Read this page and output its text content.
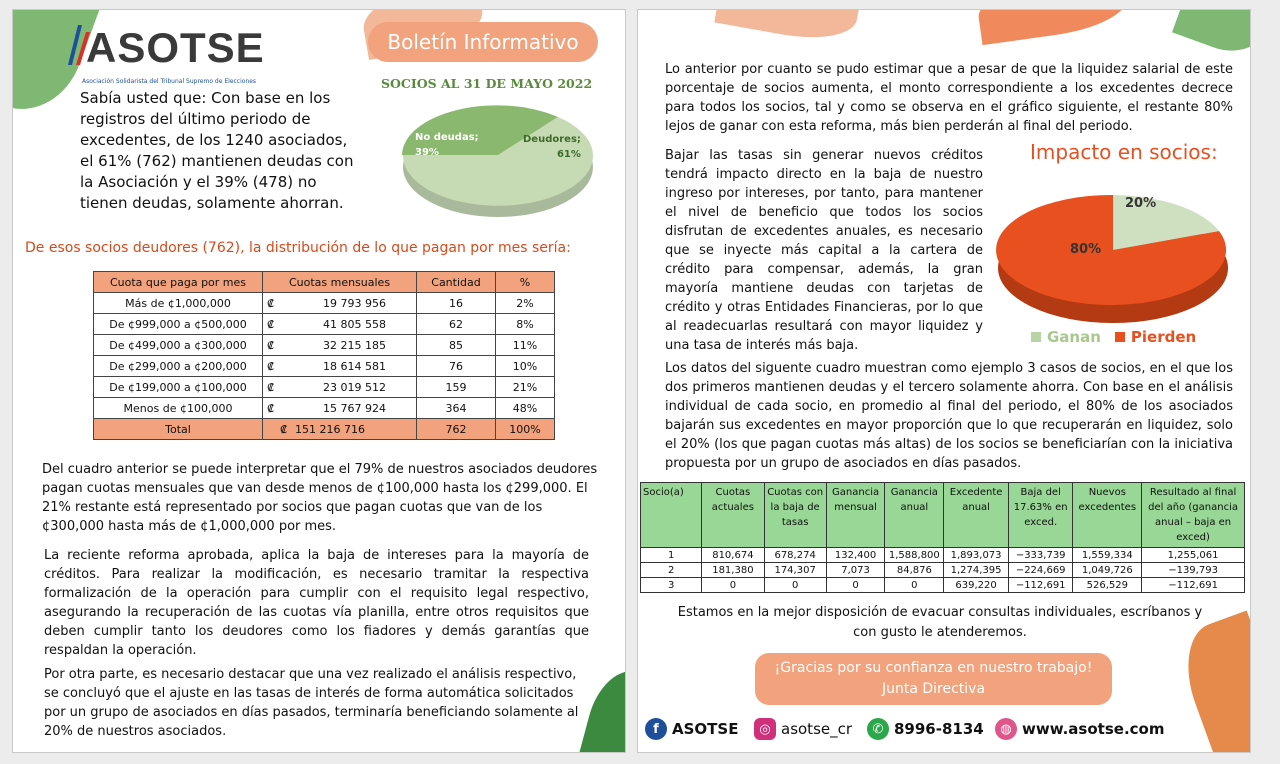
ASOTSE
Asociación Solidarista del Tribunal Supremo de Elecciones
Boletín Informativo
SOCIOS AL 31 DE MAYO 2022
No deudas;
39%
Deudores;
61%
Sabía usted que: Con base en los registros del último periodo de excedentes, de los 1240 asociados, el 61% (762) mantienen deudas con la Asociación y el 39% (478) no tienen deudas, solamente ahorran.
De esos socios deudores (762), la distribución de lo que pagan por mes sería:
Cuota que paga por mes	Cuotas mensuales		Cantidad	%
Más de ¢1,000,000	₡	19 793 956	16	2%
De ¢999,000 a ¢500,000	₡	41 805 558	62	8%
De ¢499,000 a ¢300,000	₡	32 215 185	85	11%
De ¢299,000 a ¢200,000	₡	18 614 581	76	10%
De ¢199,000 a ¢100,000	₡	23 019 512	159	21%
Menos de ¢100,000	₡	15 767 924	364	48%
Total	₡	151 216 716	762	100%
Del cuadro anterior se puede interpretar que el 79% de nuestros asociados deudores pagan cuotas mensuales que van desde menos de ¢100,000 hasta los ¢299,000. El 21% restante está representado por socios que pagan cuotas que van de los ¢300,000 hasta más de ¢1,000,000 por mes.
La reciente reforma aprobada, aplica la baja de intereses para la mayoría de créditos. Para realizar la modificación, es necesario tramitar la respectiva formalización de la operación para cumplir con el requisito legal respectivo, asegurando la recuperación de las cuotas vía planilla, entre otros requisitos que deben cumplir tanto los deudores como los fiadores y demás garantías que respaldan la operación.
Por otra parte, es necesario destacar que una vez realizado el análisis respectivo, se concluyó que el ajuste en las tasas de interés de forma automática solicitados por un grupo de asociados en días pasados, terminaría beneficiando solamente al 20% de nuestros asociados.
Lo anterior por cuanto se pudo estimar que a pesar de que la liquidez salarial de este porcentaje de socios aumenta, el monto correspondiente a los excedentes decrece para todos los socios, tal y como se observa en el gráfico siguiente, el restante 80% lejos de ganar con esta reforma, más bien perderán al final del periodo.
Bajar las tasas sin generar nuevos créditos tendrá impacto directo en la baja de nuestro ingreso por intereses, por tanto, para mantener el nivel de beneficio que todos los socios disfrutan de excedentes anuales, es necesario que se inyecte más capital a la cartera de crédito para compensar, además, la gran mayoría mantiene deudas con tarjetas de crédito y otras Entidades Financieras, por lo que al readecuarlas resultará con mayor liquidez y una tasa de interés más baja.
Impacto en socios:
20%
80%
Ganan Pierden
Los datos del siguente cuadro muestran como ejemplo 3 casos de socios, en el que los dos primeros mantienen deudas y el tercero solamente ahorra. Con base en el análisis individual de cada socio, en promedio al final del periodo, el 80% de los asociados bajarán sus excedentes en mayor proporción que lo que recuperarán en liquidez, solo el 20% (los que pagan cuotas más altas) de los socios se beneficiarían con la iniciativa propuesta por un grupo de asociados en días pasados.
Socio(a)	Cuotas actuales	Cuotas con la baja de tasas	Ganancia mensual	Ganancia anual	Excedente anual	Baja del 17.63% en exced.	Nuevos excedentes	Resultado al final del año (ganancia anual – baja en exced)
1	810,674	678,274	132,400	1,588,800	1,893,073	−333,739	1,559,334	1,255,061
2	181,380	174,307	7,073	84,876	1,274,395	−224,669	1,049,726	−139,793
3	0	0	0	0	639,220	−112,691	526,529	−112,691
Estamos en la mejor disposición de evacuar consultas individuales, escríbanos y con gusto le atenderemos.
¡Gracias por su confianza en nuestro trabajo!
Junta Directiva
f ASOTSE	◎ asotse_cr	✆ 8996-8134	◍ www.asotse.com
